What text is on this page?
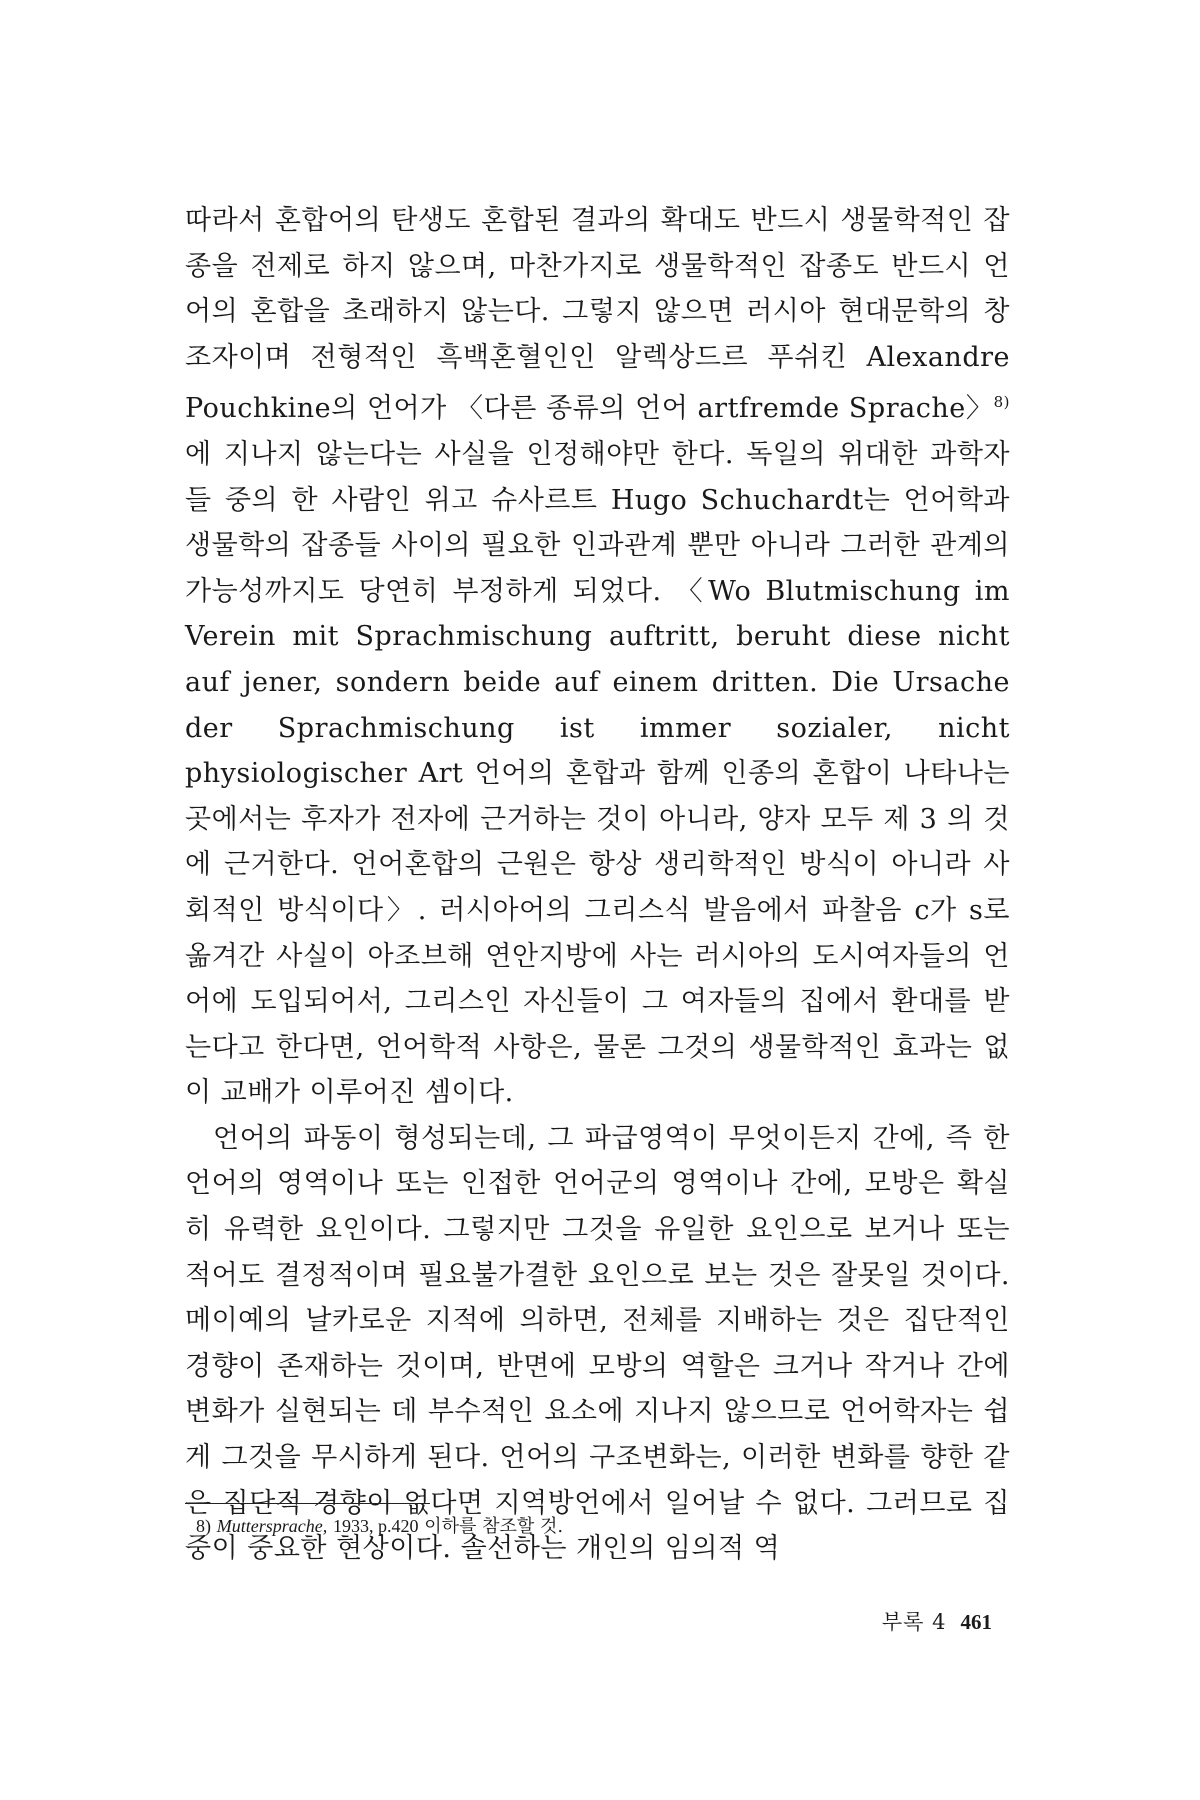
따라서 혼합어의 탄생도 혼합된 결과의 확대도 반드시 생물학적인 잡종을 전제로 하지 않으며, 마찬가지로 생물학적인 잡종도 반드시 언어의 혼합을 초래하지 않는다. 그렇지 않으면 러시아 현대문학의 창조자이며 전형적인 흑백혼혈인인 알렉상드르 푸쉬킨 Alexandre Pouchkine의 언어가 〈다른 종류의 언어 artfremde Sprache〉$^{8)}$에 지나지 않는다는 사실을 인정해야만 한다. 독일의 위대한 과학자들 중의 한 사람인 위고 슈사르트 Hugo Schuchardt는 언어학과 생물학의 잡종들 사이의 필요한 인과관계 뿐만 아니라 그러한 관계의 가능성까지도 당연히 부정하게 되었다. 〈Wo Blutmischung im Verein mit Sprachmischung auftritt, beruht diese nicht auf jener, sondern beide auf einem dritten. Die Ursache der Sprachmischung ist immer sozialer, nicht physiologischer Art 언어의 혼합과 함께 인종의 혼합이 나타나는 곳에서는 후자가 전자에 근거하는 것이 아니라, 양자 모두 제 3 의 것에 근거한다. 언어혼합의 근원은 항상 생리학적인 방식이 아니라 사회적인 방식이다〉. 러시아어의 그리스식 발음에서 파찰음 c가 s로 옮겨간 사실이 아조브해 연안지방에 사는 러시아의 도시여자들의 언어에 도입되어서, 그리스인 자신들이 그 여자들의 집에서 환대를 받는다고 한다면, 언어학적 사항은, 물론 그것의 생물학적인 효과는 없이 교배가 이루어진 셈이다.

언어의 파동이 형성되는데, 그 파급영역이 무엇이든지 간에, 즉 한 언어의 영역이나 또는 인접한 언어군의 영역이나 간에, 모방은 확실히 유력한 요인이다. 그렇지만 그것을 유일한 요인으로 보거나 또는 적어도 결정적이며 필요불가결한 요인으로 보는 것은 잘못일 것이다. 메이예의 날카로운 지적에 의하면, 전체를 지배하는 것은 집단적인 경향이 존재하는 것이며, 반면에 모방의 역할은 크거나 작거나 간에 변화가 실현되는 데 부수적인 요소에 지나지 않으므로 언어학자는 쉽게 그것을 무시하게 된다. 언어의 구조변화는, 이러한 변화를 향한 같은 집단적 경향이 없다면 지역방언에서 일어날 수 없다. 그러므로 집중이 중요한 현상이다. 솔선하는 개인의 임의적 역

8) Muttersprache, 1933, p.420 이하를 참조할 것.
부록 4 461
